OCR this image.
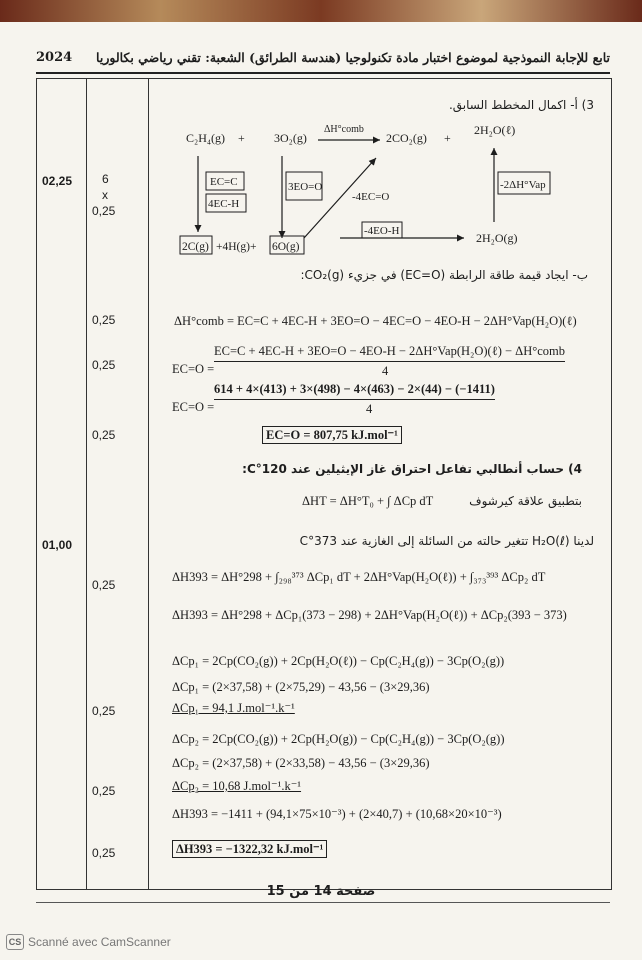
تابع للإجابة النموذجية لموضوع اختبار مادة تكنولوجيا (هندسة الطرائق) الشعبة: تقني رياضي بكالوريا
2024
02,25 6
x
0,25
0,25
0,25
0,25
01,00
0,25
0,25
0,25
0,25
3) أ- اكمال المخطط السابق.
C₂H₄(g) + 3O₂(g)
ΔH°comb
2CO₂(g) +
2H₂O(ℓ)
EC=C
4EC-H
3EO=O
-4EC=O
-4EO-H
-2ΔH°Vap
2C(g) +4H(g)+ 6O(g)
2H₂O(g)
ب- ايجاد قيمة طاقة الرابطة (EC=O) في جزيء CO₂(g):
ΔH°comb = EC=C + 4EC-H + 3EO=O − 4EC=O − 4EO-H − 2ΔH°Vap(H₂O)(ℓ)
EC=O =
EC=C + 4EC-H + 3EO=O − 4EO-H − 2ΔH°Vap(H₂O)(ℓ) − ΔH°comb
4
EC=O =
614 + 4×(413) + 3×(498) − 4×(463) − 2×(44) − (−1411)
4
EC=O = 807,75 kJ.mol⁻¹
4) حساب أنطالبي تفاعل احتراق غاز الإيثيلين عند 120°C:
ΔHT = ΔH°T₀ + ∫ ΔCp dT	بتطبيق علاقة كيرشوف
لدينا H₂O(ℓ) تتغير حالته من السائلة إلى الغازية عند 373°C
ΔH393 = ΔH°298 + ∫₂₉₈³⁷³ ΔCp₁ dT + 2ΔH°Vap(H₂O(ℓ)) + ∫₃₇₃³⁹³ ΔCp₂ dT
ΔH393 = ΔH°298 + ΔCp₁(373 − 298) + 2ΔH°Vap(H₂O(ℓ)) + ΔCp₂(393 − 373)
ΔCp₁ = 2Cp(CO₂(g)) + 2Cp(H₂O(ℓ)) − Cp(C₂H₄(g)) − 3Cp(O₂(g))
ΔCp₁ = (2×37,58) + (2×75,29) − 43,56 − (3×29,36)
ΔCp₁ = 94,1 J.mol⁻¹.k⁻¹
ΔCp₂ = 2Cp(CO₂(g)) + 2Cp(H₂O(g)) − Cp(C₂H₄(g)) − 3Cp(O₂(g))
ΔCp₂ = (2×37,58) + (2×33,58) − 43,56 − (3×29,36)
ΔCp₂ = 10,68 J.mol⁻¹.k⁻¹
ΔH393 = −1411 + (94,1×75×10⁻³) + (2×40,7) + (10,68×20×10⁻³)
ΔH393 = −1322,32 kJ.mol⁻¹
صفحة 14 من 15
CS Scanné avec CamScanner
